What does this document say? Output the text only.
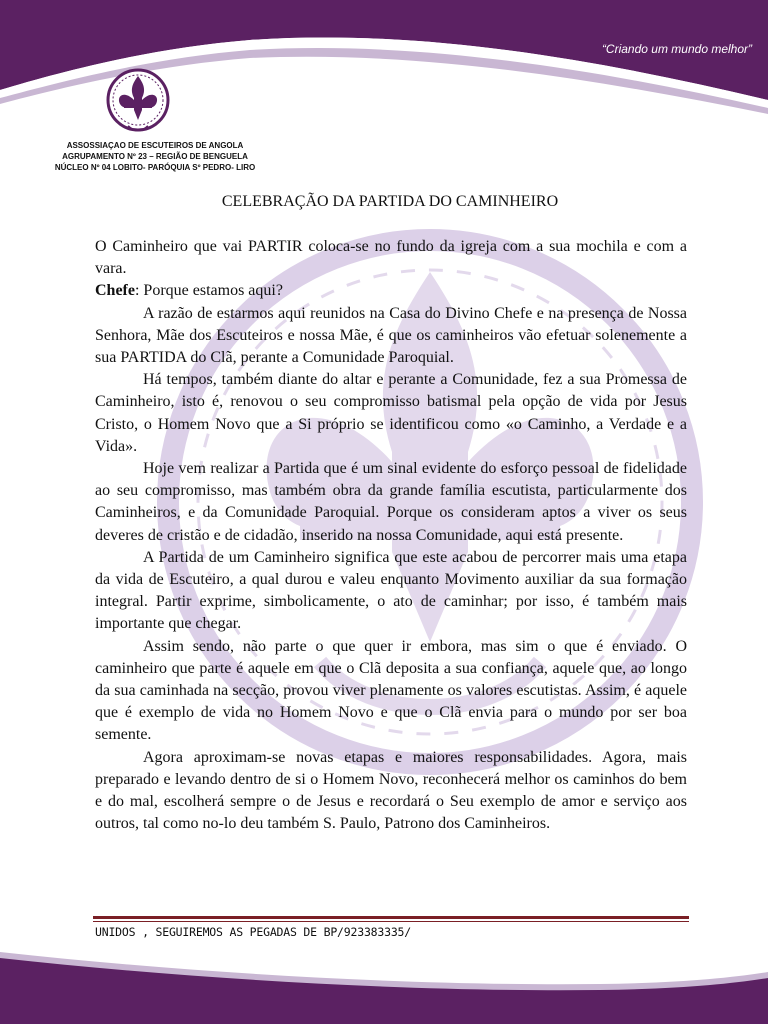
“Criando um mundo melhor”
ASSOSSIAÇAO DE ESCUTEIROS DE ANGOLA
AGRUPAMENTO Nº 23 – REGIÃO DE BENGUELA
NÚCLEO Nº 04 LOBITO- PARÓQUIA Sº PEDRO- LIRO
CELEBRAÇÃO DA PARTIDA DO CAMINHEIRO

O Caminheiro que vai PARTIR coloca-se no fundo da igreja com a sua mochila e com a vara.

Chefe: Porque estamos aqui?

A razão de estarmos aqui reunidos na Casa do Divino Chefe e na presença de Nossa Senhora, Mãe dos Escuteiros e nossa Mãe, é que os caminheiros vão efetuar solenemente a sua PARTIDA do Clã, perante a Comunidade Paroquial.

Há tempos, também diante do altar e perante a Comunidade, fez a sua Promessa de Caminheiro, isto é, renovou o seu compromisso batismal pela opção de vida por Jesus Cristo, o Homem Novo que a Si próprio se identificou como «o Caminho, a Verdade e a Vida».

Hoje vem realizar a Partida que é um sinal evidente do esforço pessoal de fidelidade ao seu compromisso, mas também obra da grande família escutista, particularmente dos Caminheiros, e da Comunidade Paroquial. Porque os consideram aptos a viver os seus deveres de cristão e de cidadão, inserido na nossa Comunidade, aqui está presente.

A Partida de um Caminheiro significa que este acabou de percorrer mais uma etapa da vida de Escuteiro, a qual durou e valeu enquanto Movimento auxiliar da sua formação integral. Partir exprime, simbolicamente, o ato de caminhar; por isso, é também mais importante que chegar.

Assim sendo, não parte o que quer ir embora, mas sim o que é enviado. O caminheiro que parte é aquele em que o Clã deposita a sua confiança, aquele que, ao longo da sua caminhada na secção, provou viver plenamente os valores escutistas. Assim, é aquele que é exemplo de vida no Homem Novo e que o Clã envia para o mundo por ser boa semente.

Agora aproximam-se novas etapas e maiores responsabilidades. Agora, mais preparado e levando dentro de si o Homem Novo, reconhecerá melhor os caminhos do bem e do mal, escolherá sempre o de Jesus e recordará o Seu exemplo de amor e serviço aos outros, tal como no-lo deu também S. Paulo, Patrono dos Caminheiros.

UNIDOS , SEGUIREMOS AS PEGADAS DE BP/923383335/
